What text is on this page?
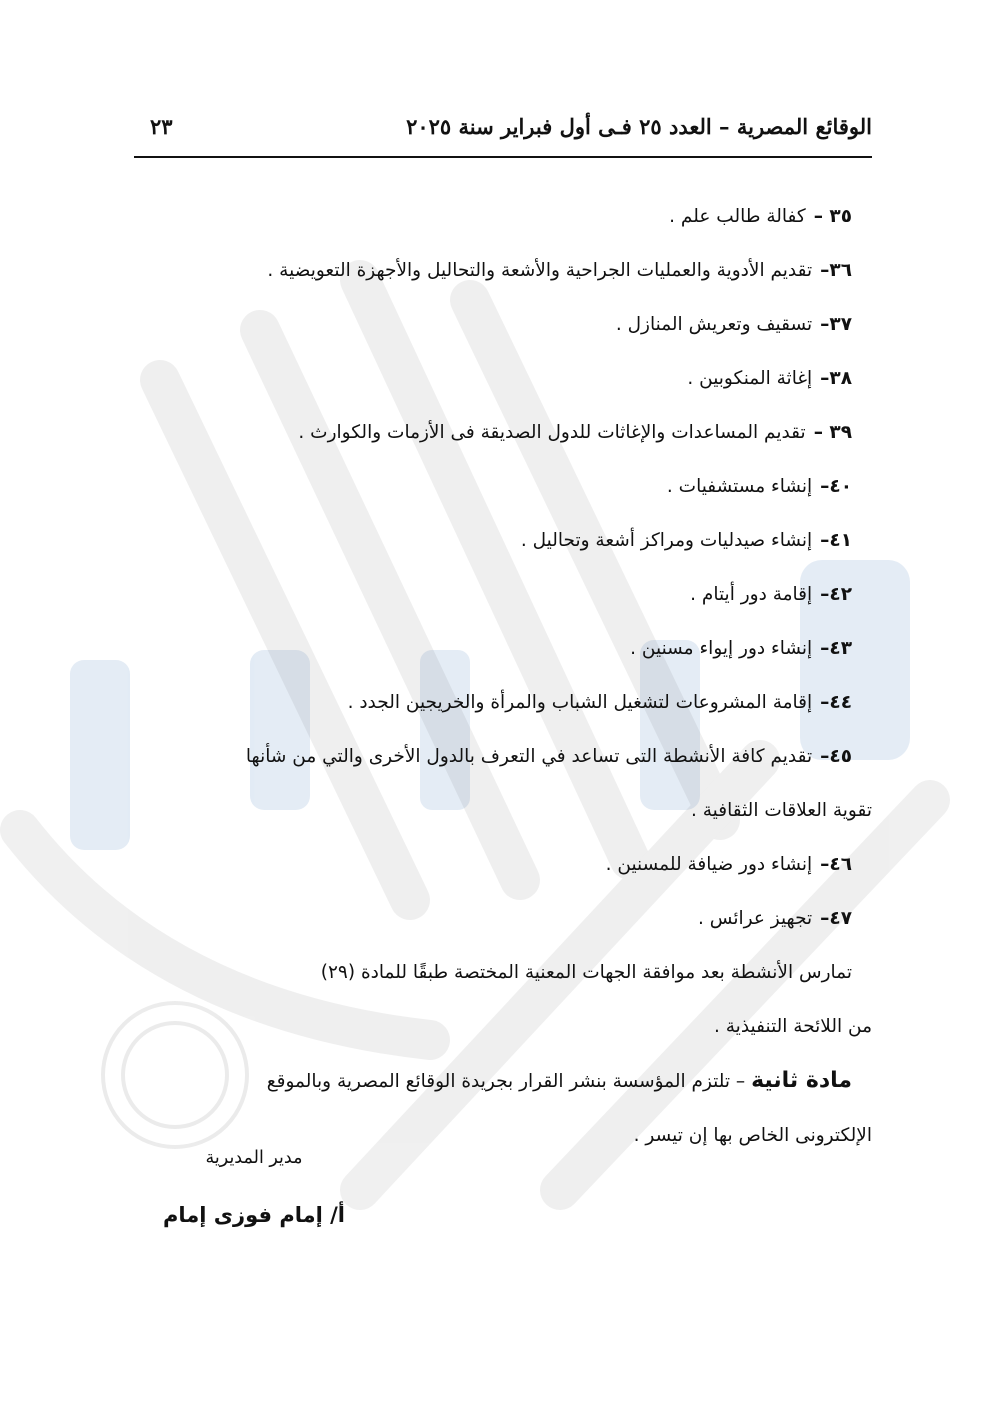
الوقائع المصرية – العدد ٢٥ فـى أول فبراير سنة ٢٠٢٥
٢٣
٣٥ –كفالة طالب علم .
٣٦–تقديم الأدوية والعمليات الجراحية والأشعة والتحاليل والأجهزة التعويضية .
٣٧–تسقيف وتعريش المنازل .
٣٨–إغاثة المنكوبين .
٣٩ –تقديم المساعدات والإغاثات للدول الصديقة فى الأزمات والكوارث .
٤٠–إنشاء مستشفيات .
٤١–إنشاء صيدليات ومراكز أشعة وتحاليل .
٤٢–إقامة دور أيتام .
٤٣–إنشاء دور إيواء مسنين .
٤٤–إقامة المشروعات لتشغيل الشباب والمرأة والخريجين الجدد .
٤٥–تقديم كافة الأنشطة التى تساعد في التعرف بالدول الأخرى والتي من شأنها
تقوية العلاقات الثقافية .
٤٦–إنشاء دور ضيافة للمسنين .
٤٧–تجهيز عرائس .
تمارس الأنشطة بعد موافقة الجهات المعنية المختصة طبقًا للمادة (٢٩)
من اللائحة التنفيذية .
مادة ثانية – تلتزم المؤسسة بنشر القرار بجريدة الوقائع المصرية وبالموقع
الإلكترونى الخاص بها إن تيسر .
مدير المديرية
أ/ إمام فوزى إمام
